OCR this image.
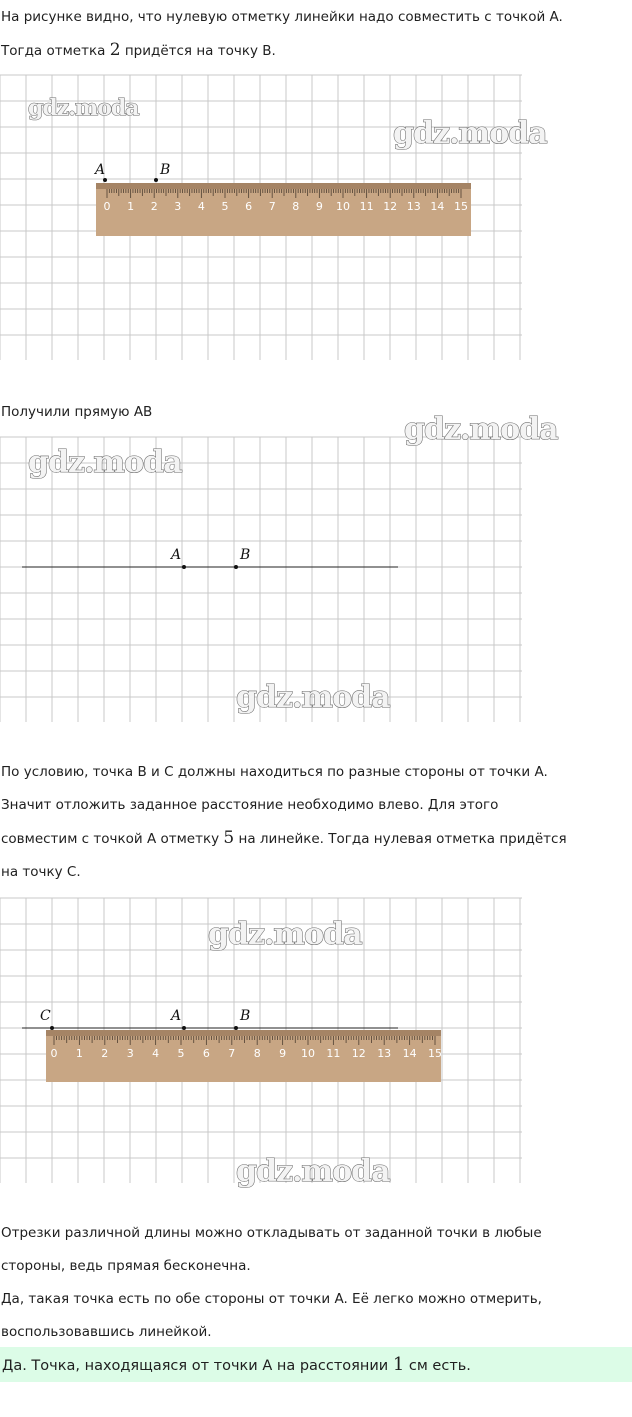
На рисунке видно, что нулевую отметку линейки надо совместить с точкой A.
Тогда отметка 2 придётся на точку B.
gdz.moda
gdz.moda
0 1 2 3 4 5 6 7 8 9 10 11 12 13 14 15
A	B
Получили прямую AB	gdz.moda
gdz.moda
gdz.moda
A	B
По условию, точка B и C должны находиться по разные стороны от точки A.
Значит отложить заданное расстояние необходимо влево. Для этого
совместим с точкой A отметку 5 на линейке. Тогда нулевая отметка придётся
на точку C.
gdz.moda
gdz.moda
0 1 2 3 4 5 6 7 8 9 10 11 12 13 14 15
C	A	B
Отрезки различной длины можно откладывать от заданной точки в любые
стороны, ведь прямая бесконечна.
Да, такая точка есть по обе стороны от точки A. Её легко можно отмерить,
воспользовавшись линейкой.
Да. Точка, находящаяся от точки A на расстоянии 1 см есть.
